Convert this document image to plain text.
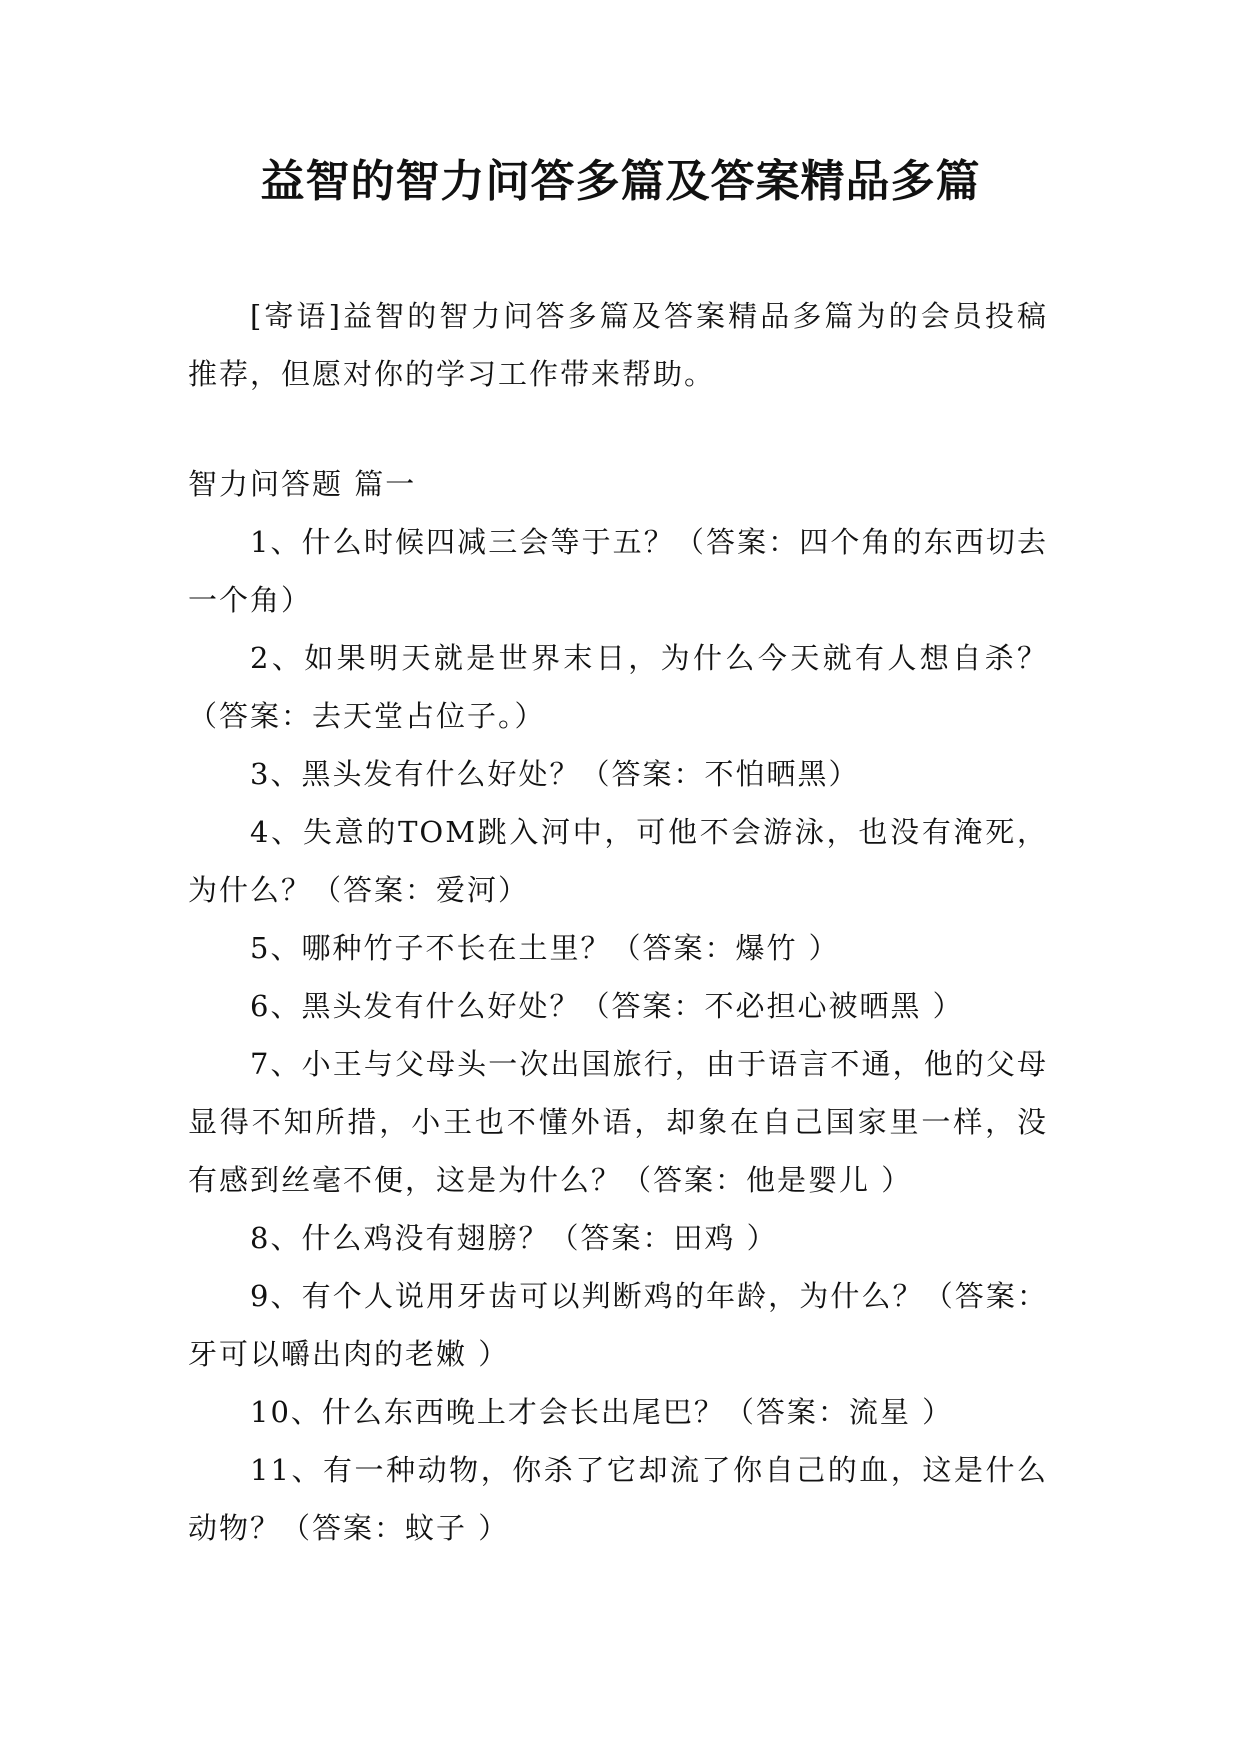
益智的智力问答多篇及答案精品多篇

[寄语]益智的智力问答多篇及答案精品多篇为的会员投稿推荐，但愿对你的学习工作带来帮助。

智力问答题 篇一

1、什么时候四减三会等于五？（答案：四个角的东西切去一个角）

2、如果明天就是世界末日，为什么今天就有人想自杀？（答案：去天堂占位子。）

3、黑头发有什么好处？（答案：不怕晒黑）

4、失意的TOM跳入河中，可他不会游泳，也没有淹死，为什么？（答案：爱河）

5、哪种竹子不长在土里？（答案：爆竹 ）

6、黑头发有什么好处？（答案：不必担心被晒黑 ）

7、小王与父母头一次出国旅行，由于语言不通，他的父母显得不知所措，小王也不懂外语，却象在自己国家里一样，没有感到丝毫不便，这是为什么？（答案：他是婴儿 ）

8、什么鸡没有翅膀？（答案：田鸡 ）

9、有个人说用牙齿可以判断鸡的年龄，为什么？（答案：牙可以嚼出肉的老嫩 ）

10、什么东西晚上才会长出尾巴？（答案：流星 ）

11、有一种动物，你杀了它却流了你自己的血，这是什么动物？（答案：蚊子 ）
